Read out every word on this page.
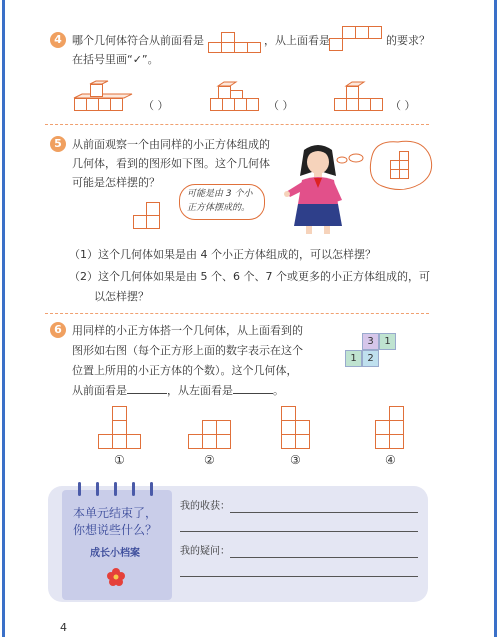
4 哪个几何体符合从前面看是	，从上面看是	的要求？
在括号里画“✓”。
（ ）	（ ）	（ ）
5 从前面观察一个由同样的小正方体组成的
几何体，看到的图形如下图。这个几何体
可能是怎样摆的？
可能是由 3 个小
正方体摆成的。
（1）这个几何体如果是由 4 个小正方体组成的，可以怎样摆？
（2）这个几何体如果是由 5 个、6 个、7 个或更多的小正方体组成的，可
以怎样摆？
6 用同样的小正方体搭一个几何体，从上面看到的
图形如右图（每个正方形上面的数字表示在这个
位置上所用的小正方体的个数）。这个几何体，
从前面看是	，从左面看是	。
3	1
1	2
①	②	③	④
本单元结束了，
你想说些什么？
成长小档案
我的收获：
我的疑问：
4
